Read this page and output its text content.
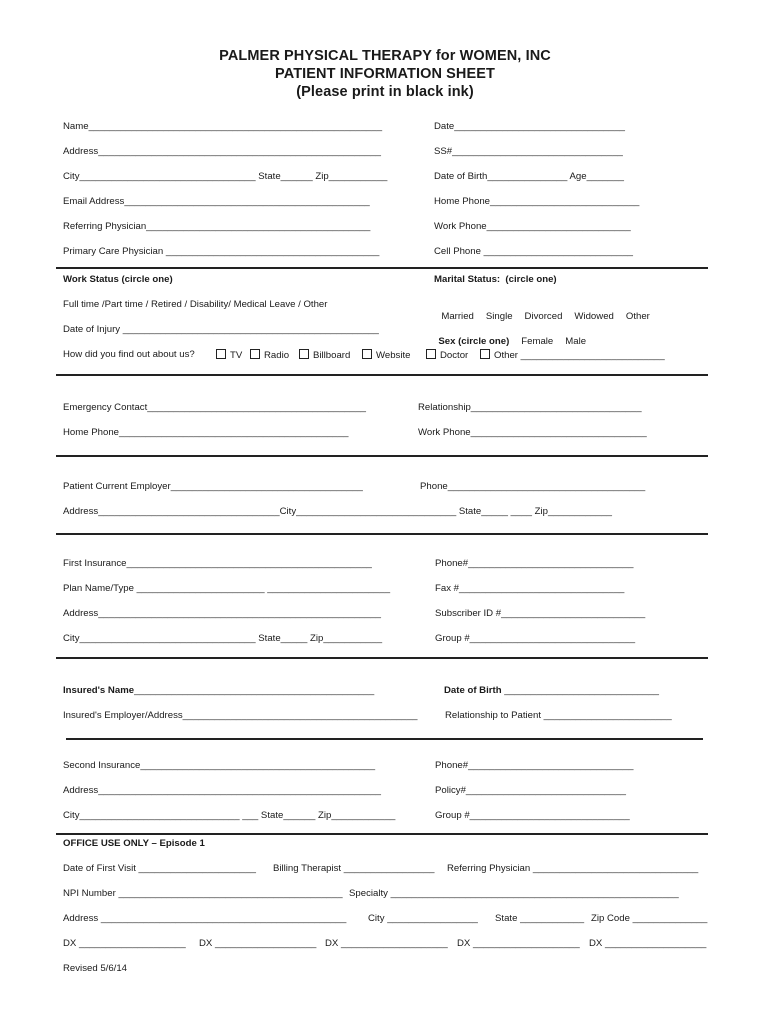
PALMER PHYSICAL THERAPY for WOMEN, INC
PATIENT INFORMATION SHEET
(Please print in black ink)
Name_______________________________________________________	Date________________________________
Address_____________________________________________________	SS#________________________________
City_________________________________ State______ Zip___________	Date of Birth_______________ Age_______
Email Address______________________________________________	Home Phone____________________________
Referring Physician__________________________________________	Work Phone___________________________
Primary Care Physician ________________________________________	Cell Phone ____________________________
Work Status (circle one)	Marital Status:  (circle one)
Full time /Part time / Retired / Disability/ Medical Leave / Other

Married Single Divorced Widowed Other

Date of Injury ________________________________________________

Sex (circle one) Female Male

How did you find out about us?	TV	Radio	Billboard	Website	Doctor	Other ___________________________
Emergency Contact_________________________________________	Relationship________________________________
Home Phone___________________________________________	Work Phone_________________________________
Patient Current Employer____________________________________	Phone_____________________________________
Address__________________________________City______________________________ State_____ ____ Zip____________
First Insurance______________________________________________	Phone#_______________________________
Plan Name/Type ________________________ _______________________	Fax #_______________________________
Address_____________________________________________________	Subscriber ID #___________________________
City_________________________________ State_____ Zip___________	Group #_______________________________
Insured's Name_____________________________________________	Date of Birth _____________________________
Insured's Employer/Address____________________________________________	Relationship to Patient ________________________
Second Insurance____________________________________________	Phone#_______________________________
Address_____________________________________________________	Policy#______________________________
City______________________________ ___ State______ Zip____________	Group #______________________________
OFFICE USE ONLY – Episode 1
Date of First Visit ______________________ Billing Therapist _________________ Referring Physician _______________________________
NPI Number __________________________________________ Specialty ______________________________________________________
Address ______________________________________________ City _________________ State ____________ Zip Code ______________
DX ____________________ DX ___________________ DX ____________________ DX ____________________ DX ___________________
Revised 5/6/14
